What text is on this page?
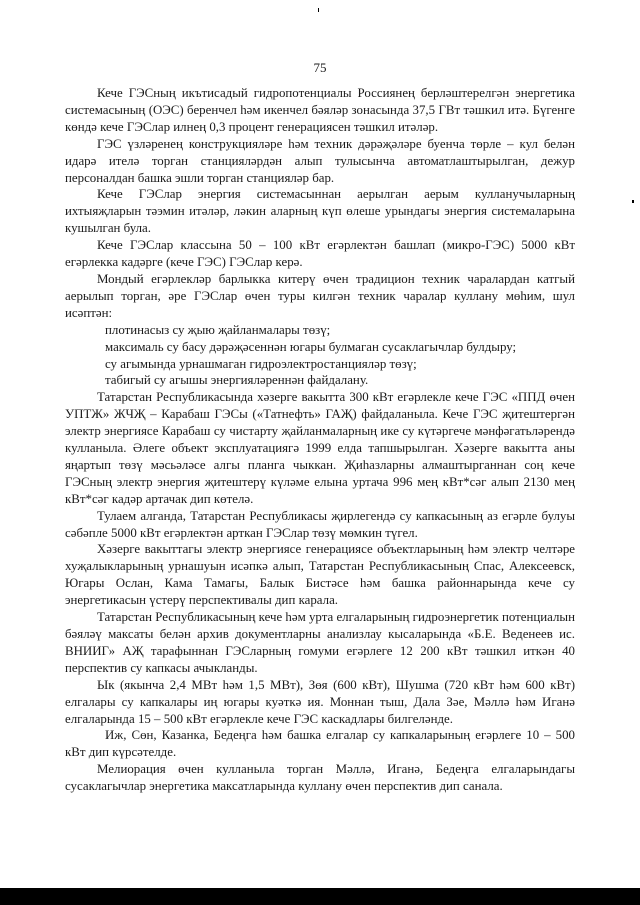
75

Кече ГЭСның икътисадый гидропотенциалы Россиянең берләштерелгән энергетика системасының (ОЭС) беренчел һәм икенчел бәяләр зонасында 37,5 ГВт тәшкил итә. Бүгенге көндә кече ГЭСлар илнең 0,3 процент генерациясен тәшкил итәләр.

ГЭС үзләренең конструкцияләре һәм техник дәрәҗәләре буенча төрле – кул белән идарә ителә торган станцияләрдән алып тулысынча автоматлаштырылган, дежур персоналдан башка эшли торган станцияләр бар.

Кече ГЭСлар энергия системасыннан аерылган аерым кулланучыларның ихтыяҗларын тәэмин итәләр, ләкин аларның күп өлеше урындагы энергия системаларына кушылган була.

Кече ГЭСлар классына 50 – 100 кВт егәрлектән башлап (микро-ГЭС) 5000 кВт егәрлекка кадәрге (кече ГЭС) ГЭСлар керә.

Мондый егәрлекләр барлыкка китерү өчен традицион техник чаралардан катгый аерылып торган, әре ГЭСлар өчен туры килгән техник чаралар куллану мөһим, шул исәптән:

плотинасыз су җыю җайланмалары төзү;

максималь су басу дәрәҗәсеннән югары булмаган сусаклагычлар булдыру;

су агымында урнашмаган гидроэлектростанцияләр төзү;

табигый су агышы энергияләреннән файдалану.

Татарстан Республикасында хәзерге вакытта 300 кВт егәрлекле кече ГЭС «ППД өчен УПТЖ» ЖЧҖ – Карабаш ГЭСы («Татнефть» ГАҖ) файдаланыла. Кече ГЭС җитештергән электр энергиясе Карабаш су чистарту җайланмаларның ике су күтәргече мәнфәгатьләрендә кулланыла. Әлеге объект эксплуатациягә 1999 елда тапшырылган. Хәзерге вакытта аны яңартып төзү мәсьәләсе алгы планга чыккан. Җиһазларны алмаштырганнан соң кече ГЭСның электр энергия җитештерү күләме елына уртача 996 мең кВт*сәг алып 2130 мең кВт*сәг кадәр артачак дип көтелә.

Тулаем алганда, Татарстан Республикасы җирлегендә су капкасының аз егәрле булуы сәбәпле 5000 кВт егәрлектән арткан ГЭСлар төзү мөмкин түгел.

Хәзерге вакыттагы электр энергиясе генерациясе объектларының һәм электр челтәре хуҗалыкларының урнашуын исәпкә алып, Татарстан Республикасының Спас, Алексеевск, Югары Ослан, Кама Тамагы, Балык Бистәсе һәм башка районнарында кече су энергетикасын үстерү перспективалы дип карала.

Татарстан Республикасының кече һәм урта елгаларының гидроэнергетик потенциалын бәяләү максаты белән архив документларны анализлау кысаларында «Б.Е. Веденеев ис. ВНИИГ» АҖ тарафыннан ГЭСларның гомуми егәрлеге 12 200 кВт тәшкил иткән 40 перспектив су капкасы ачыкланды.

Ык (якынча 2,4 МВт һәм 1,5 МВт), Зөя (600 кВт), Шушма (720 кВт һәм 600 кВт) елгалары су капкалары иң югары куәткә ия. Моннан тыш, Дала Зәе, Мәллә һәм Иганә елгаларында 15 – 500 кВт егәрлекле кече ГЭС каскадлары билгеләнде.

Иж, Сөн, Казанка, Бедеңга һәм башка елгалар су капкаларының егәрлеге 10 – 500 кВт дип күрсәтелде.

Мелиорация өчен кулланыла торган Мәллә, Иганә, Бедеңга елгаларындагы сусаклагычлар энергетика максатларында куллану өчен перспектив дип санала.
